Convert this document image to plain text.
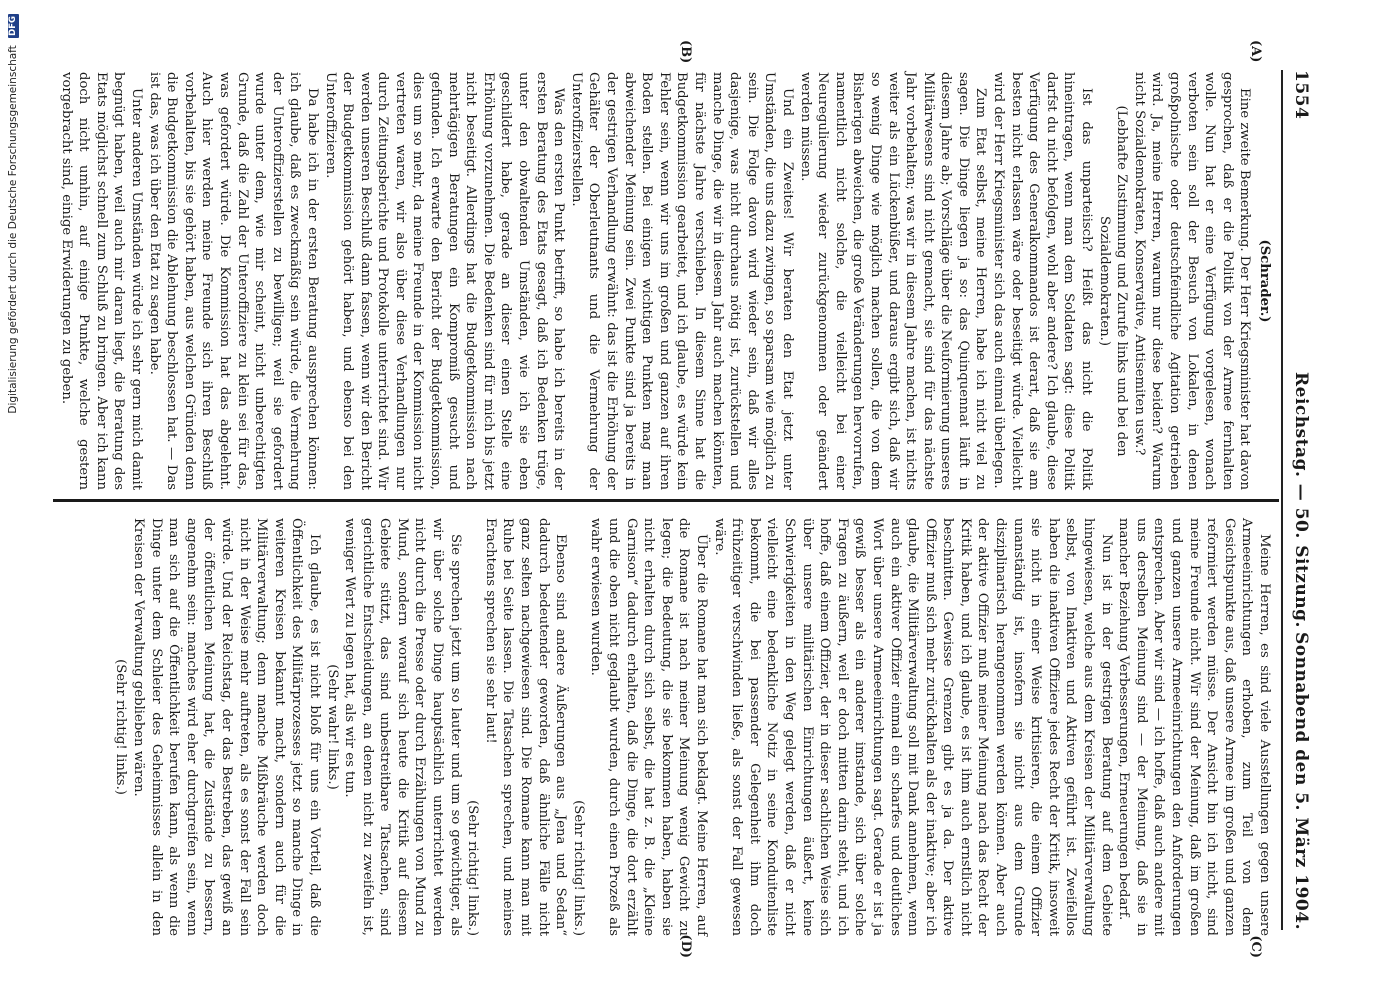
1554
Reichstag. — 50. Sitzung.
Sonnabend den 5. März 1904.
(A)
(B)
(C)
(D)

(Schrader.)

Eine zweite Bemerkung. Der Herr Kriegsminister hat davon gesprochen, daß er die Politik von der Armee fernhalten wolle. Nun hat er eine Verfügung vorgelesen, wonach verboten sein soll der Besuch von Lokalen, in denen großpolnische oder deutschfeindliche Agitation getrieben wird. Ja, meine Herren, warum nur diese beiden? Warum nicht Sozialdemokraten, Konservative, Antisemiten usw.?

(Lebhafte Zustimmung und Zurufe links und bei den Sozialdemokraten.)

Ist das unparteiisch? Heißt das nicht die Politik hineintragen, wenn man dem Soldaten sagt: diese Politik darfst du nicht befolgen, wohl aber andere? Ich glaube, diese Verfügung des Generalkommandos ist derart, daß sie am besten nicht erlassen wäre oder beseitigt würde. Vielleicht wird der Herr Kriegsminister sich das auch einmal überlegen.

Zum Etat selbst, meine Herren, habe ich nicht viel zu sagen. Die Dinge liegen ja so: das Quinquennat läuft in diesem Jahre ab; Vorschläge über die Neuformierung unseres Militärwesens sind nicht gemacht, sie sind für das nächste Jahr vorbehalten; was wir in diesem Jahre machen, ist nichts weiter als ein Lückenbüßer, und daraus ergibt sich, daß wir so wenig Dinge wie möglich machen sollen, die von dem Bisherigen abweichen, die große Veränderungen hervorrufen, namentlich nicht solche, die vielleicht bei einer Neuregulierung wieder zurückgenommen oder geändert werden müssen.

Und ein Zweites! Wir beraten den Etat jetzt unter Umständen, die uns dazu zwingen, so sparsam wie möglich zu sein. Die Folge davon wird wieder sein, daß wir alles dasjenige, was nicht durchaus nötig ist, zurückstellen und manche Dinge, die wir in diesem Jahr auch machen könnten, für nächste Jahre verschieben. In diesem Sinne hat die Budgetkommission gearbeitet, und ich glaube, es würde kein Fehler sein, wenn wir uns im großen und ganzen auf ihren Boden stellen. Bei einigen wichtigen Punkten mag man abweichender Meinung sein. Zwei Punkte sind ja bereits in der gestrigen Verhandlung erwähnt: das ist die Erhöhung der Gehälter der Oberleutnants und die Vermehrung der Unteroffizierstellen.

Was den ersten Punkt betrifft, so habe ich bereits in der ersten Beratung des Etats gesagt, daß ich Bedenken trüge, unter den obwaltenden Umständen, wie ich sie eben geschildert habe, gerade an dieser einen Stelle eine Erhöhung vorzunehmen. Die Bedenken sind für mich bis jetzt nicht beseitigt. Allerdings hat die Budgetkommission nach mehrtägigen Beratungen ein Kompromiß gesucht und gefunden. Ich erwarte den Bericht der Budgetkommission, dies um so mehr, da meine Freunde in der Kommission nicht vertreten waren, wir also über diese Verhandlungen nur durch Zeitungsberichte und Protokolle unterrichtet sind. Wir werden unseren Beschluß dann fassen, wenn wir den Bericht der Budgetkommission gehört haben, und ebenso bei den Unteroffizieren.

Da habe ich in der ersten Beratung aussprechen können: ich glaube, daß es zweckmäßig sein würde, die Vermehrung der Unteroffizierstellen zu bewilligen; weil sie gefordert wurde unter dem, wie mir scheint, nicht unberechtigten Grunde, daß die Zahl der Unteroffiziere zu klein sei für das, was gefordert würde. Die Kommission hat das abgelehnt. Auch hier werden meine Freunde sich ihren Beschluß vorbehalten, bis sie gehört haben, aus welchen Gründen denn die Budgetkommission die Ablehnung beschlossen hat. — Das ist das, was ich über den Etat zu sagen habe.

Unter anderen Umständen würde ich sehr gern mich damit begnügt haben, weil auch mir daran liegt, die Beratung des Etats möglichst schnell zum Schluß zu bringen. Aber ich kann doch nicht umhin, auf einige Punkte, welche gestern vorgebracht sind, einige Erwiderungen zu geben.

Meine Herren, es sind viele Ausstellungen gegen unsere Armeeeinrichtungen erhoben, zum Teil von dem Gesichtspunkte aus, daß unsere Armee im großen und ganzen reformiert werden müsse. Der Ansicht bin ich nicht, sind meine Freunde nicht. Wir sind der Meinung, daß im großen und ganzen unsere Armeeeinrichtungen den Anforderungen entsprechen. Aber wir sind — ich hoffe, daß auch andere mit uns derselben Meinung sind — der Meinung, daß sie in mancher Beziehung Verbesserungen, Erneuerungen bedarf.

Nun ist in der gestrigen Beratung auf dem Gebiete hingewiesen, welche aus dem Kreisen der Militärverwaltung selbst, von Inaktiven und Aktiven geführt ist. Zweifellos haben die inaktiven Offiziere jedes Recht der Kritik, insoweit sie nicht in einer Weise kritisieren, die einem Offizier unanständig ist, insofern sie nicht aus dem Grunde disziplinarisch herangenommen werden können. Aber auch der aktive Offizier muß meiner Meinung nach das Recht der Kritik haben, und ich glaube, es ist ihm auch ernstlich nicht beschnitten. Gewisse Grenzen gibt es ja da. Der aktive Offizier muß sich mehr zurückhalten als der inaktive; aber ich glaube, die Militärverwaltung soll mit Dank annehmen, wenn auch ein aktiver Offizier einmal ein scharfes und deutliches Wort über unsere Armeeeinrichtungen sagt. Gerade er ist ja gewiß besser als ein anderer imstande, sich über solche Fragen zu äußern, weil er doch mitten darin steht, und ich hoffe, daß einem Offizier, der in dieser sachlichen Weise sich über unsere militärischen Einrichtungen äußert, keine Schwierigkeiten in den Weg gelegt werden, daß er nicht vielleicht eine bedenkliche Notiz in seine Konduitenliste bekommt, die bei passender Gelegenheit ihm doch frühzeitiger verschwinden ließe, als sonst der Fall gewesen wäre.

Über die Romane hat man sich beklagt. Meine Herren, auf die Romane ist nach meiner Meinung wenig Gewicht zu legen; die Bedeutung, die sie bekommen haben, haben sie nicht erhalten durch sich selbst, die hat z. B. die „Kleine Garnison“ dadurch erhalten, daß die Dinge, die dort erzählt und die oben nicht geglaubt wurden, durch einen Prozeß als wahr erwiesen wurden.

(Sehr richtig! links.)

Ebenso sind andere Äußerungen aus „Jena und Sedan“ dadurch bedeutender geworden, daß ähnliche Fälle nicht ganz selten nachgewiesen sind. Die Romane kann man mit Ruhe bei Seite lassen. Die Tatsachen sprechen, und meines Erachtens sprechen sie sehr laut!

(Sehr richtig! links.)

Sie sprechen jetzt um so lauter und um so gewichtiger, als wir über solche Dinge hauptsächlich unterrichtet werden nicht durch die Presse oder durch Erzählungen von Mund zu Mund, sondern worauf sich heute die Kritik auf diesem Gebiete stützt, das sind unbestreitbare Tatsachen, sind gerichtliche Entscheidungen, an denen nicht zu zweifeln ist, weniger Wert zu legen hat, als wir es tun.

(Sehr wahr! links.)

Ich glaube, es ist nicht bloß für uns ein Vorteil, daß die Öffentlichkeit des Militärprozesses jetzt so manche Dinge in weiteren Kreisen bekannt macht, sondern auch für die Militärverwaltung; denn manche Mißbräuche werden doch nicht in der Weise mehr auftreten, als es sonst der Fall sein würde. Und der Reichstag, der das Bestreben, das gewiß an der öffentlichen Meinung hat, die Zustände zu bessern, angenehm sein: manches wird eher durchgreifen sein, wenn man sich auf die Öffentlichkeit berufen kann, als wenn die Dinge unter dem Schleier des Geheimnisses allein in den Kreisen der Verwaltung geblieben wären.

(Sehr richtig! links.)

Digitalisierung gefördert durch die Deutsche Forschungsgemeinschaft DFG
